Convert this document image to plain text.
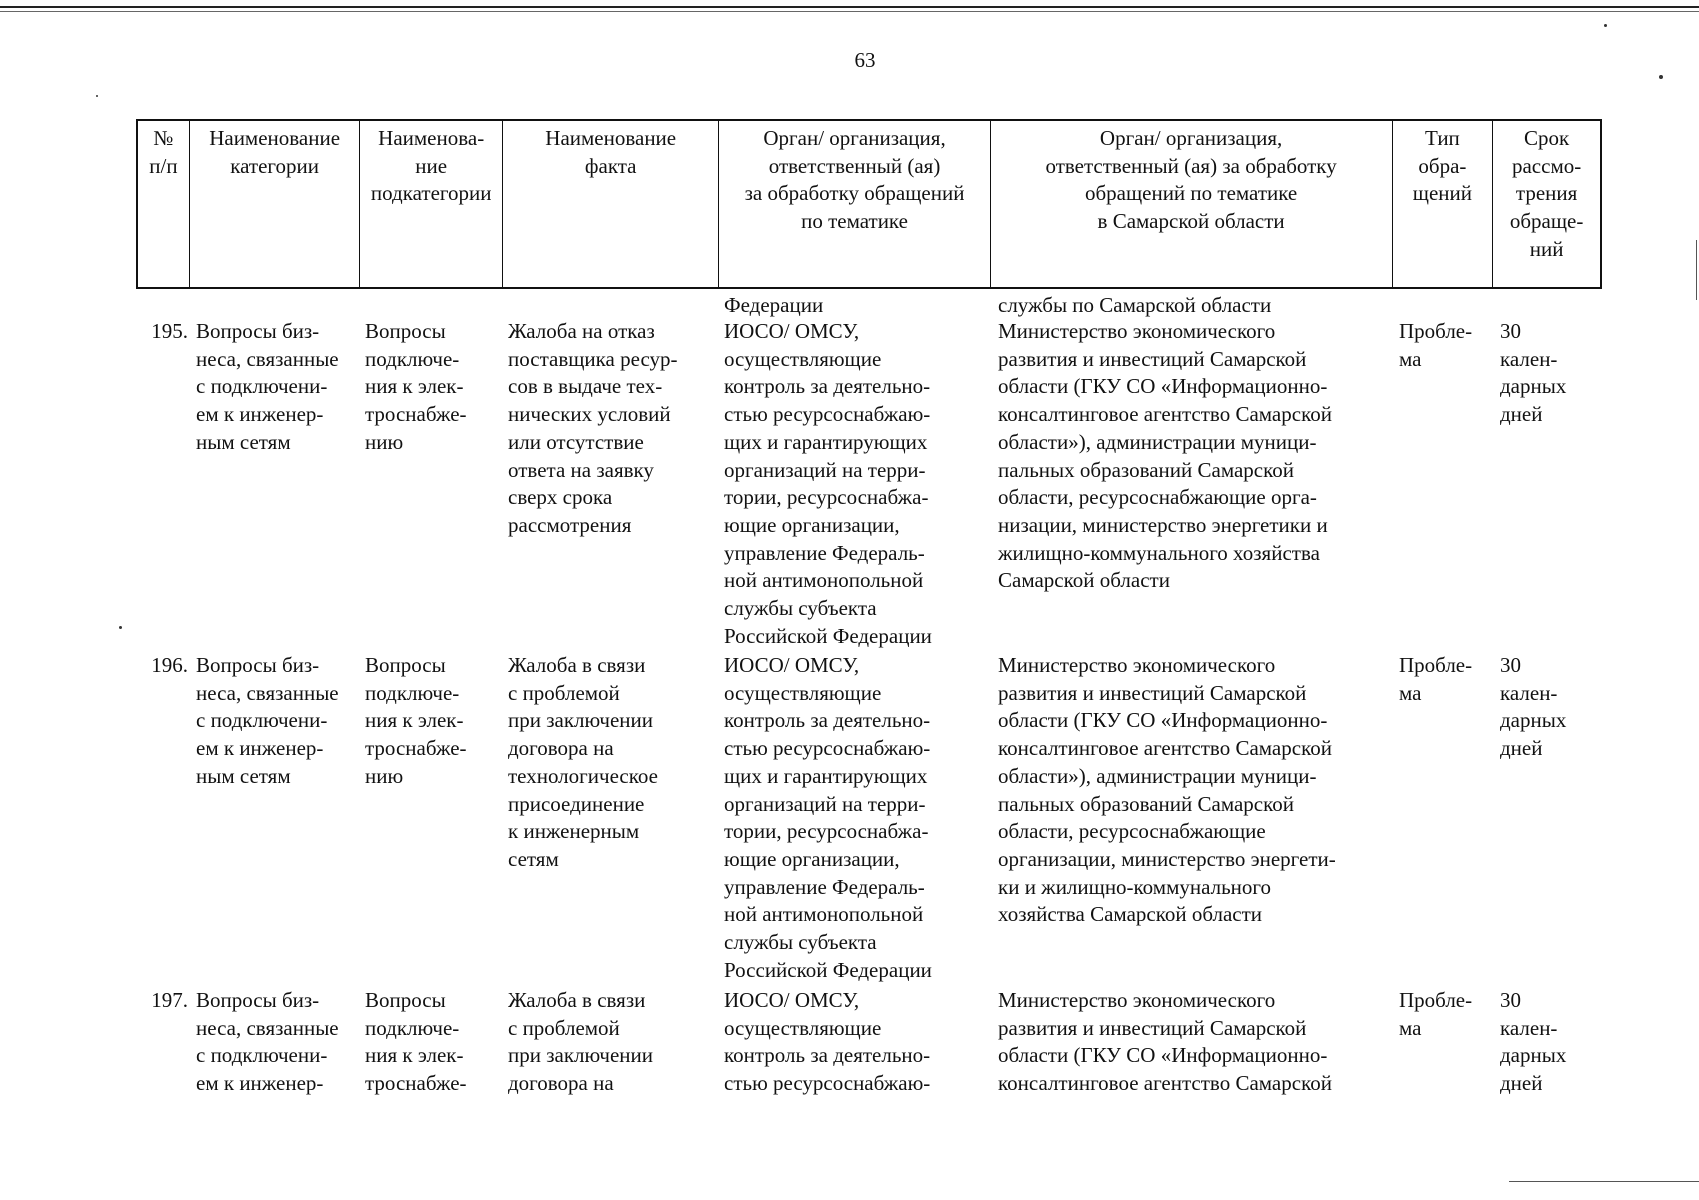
63
№
п/п
Наименование
категории
Наименова-
ние
подкатегории
Наименование
факта
Орган/ организация,
ответственный (ая)
за обработку обращений
по тематике
Орган/ организация,
ответственный (ая) за обработку
обращений по тематике
в Самарской области
Тип
обра-
щений
Срок
рассмо-
трения
обраще-
ний
Федерации	службы по Самарской области
195. Вопросы биз-
неса, связанные
с подключени-
ем к инженер-
ным сетям
Вопросы
подключе-
ния к элек-
троснабже-
нию
Жалоба на отказ
поставщика ресур-
сов в выдаче тех-
нических условий
или отсутствие
ответа на заявку
сверх срока
рассмотрения
ИОСО/ ОМСУ,
осуществляющие
контроль за деятельно-
стью ресурсоснабжаю-
щих и гарантирующих
организаций на терри-
тории, ресурсоснабжа-
ющие организации,
управление Федераль-
ной антимонопольной
службы субъекта
Российской Федерации
Министерство экономического
развития и инвестиций Самарской
области (ГКУ СО «Информационно-
консалтинговое агентство Самарской
области»), администрации муници-
пальных образований Самарской
области, ресурсоснабжающие орга-
низации, министерство энергетики и
жилищно-коммунального хозяйства
Самарской области
Пробле-
ма
30
кален-
дарных
дней
196. Вопросы биз-
неса, связанные
с подключени-
ем к инженер-
ным сетям
Вопросы
подключе-
ния к элек-
троснабже-
нию
Жалоба в связи
с проблемой
при заключении
договора на
технологическое
присоединение
к инженерным
сетям
ИОСО/ ОМСУ,
осуществляющие
контроль за деятельно-
стью ресурсоснабжаю-
щих и гарантирующих
организаций на терри-
тории, ресурсоснабжа-
ющие организации,
управление Федераль-
ной антимонопольной
службы субъекта
Российской Федерации
Министерство экономического
развития и инвестиций Самарской
области (ГКУ СО «Информационно-
консалтинговое агентство Самарской
области»), администрации муници-
пальных образований Самарской
области, ресурсоснабжающие
организации, министерство энергети-
ки и жилищно-коммунального
хозяйства Самарской области
Пробле-
ма
30
кален-
дарных
дней
197. Вопросы биз-
неса, связанные
с подключени-
ем к инженер-
Вопросы
подключе-
ния к элек-
троснабже-
Жалоба в связи
с проблемой
при заключении
договора на
ИОСО/ ОМСУ,
осуществляющие
контроль за деятельно-
стью ресурсоснабжаю-
Министерство экономического
развития и инвестиций Самарской
области (ГКУ СО «Информационно-
консалтинговое агентство Самарской
Пробле-
ма
30
кален-
дарных
дней
